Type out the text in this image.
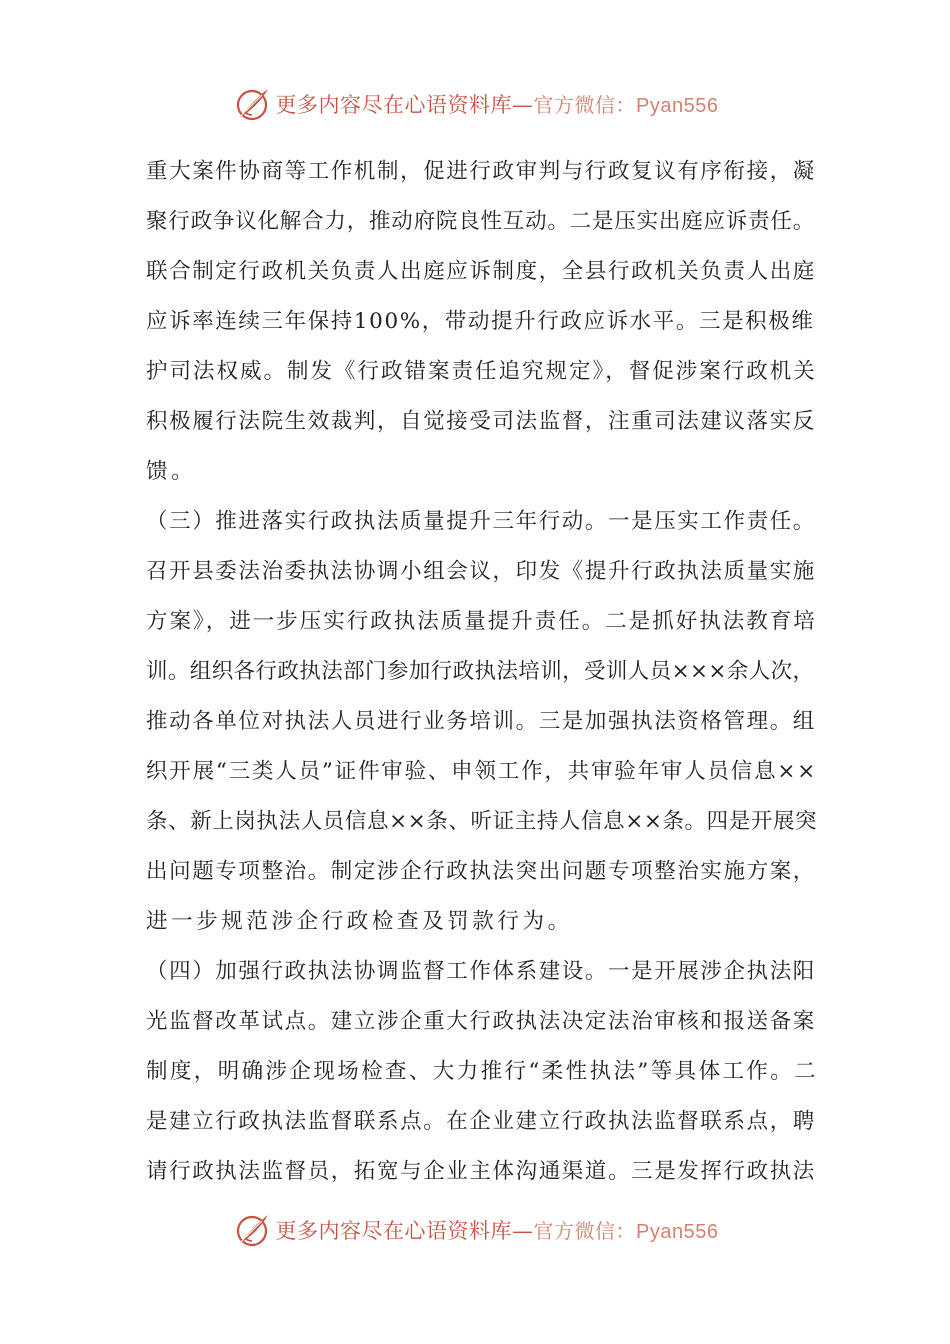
更多内容尽在心语资料库—官方微信：Pyan556
重大案件协商等工作机制，促进行政审判与行政复议有序衔接，凝
聚行政争议化解合力，推动府院良性互动。二是压实出庭应诉责任。
联合制定行政机关负责人出庭应诉制度，全县行政机关负责人出庭
应诉率连续三年保持100%，带动提升行政应诉水平。三是积极维
护司法权威。制发《行政错案责任追究规定》，督促涉案行政机关
积极履行法院生效裁判，自觉接受司法监督，注重司法建议落实反
馈。
（三）推进落实行政执法质量提升三年行动。一是压实工作责任。
召开县委法治委执法协调小组会议，印发《提升行政执法质量实施
方案》，进一步压实行政执法质量提升责任。二是抓好执法教育培
训。组织各行政执法部门参加行政执法培训，受训人员×××余人次，
推动各单位对执法人员进行业务培训。三是加强执法资格管理。组
织开展“三类人员”证件审验、申领工作，共审验年审人员信息××
条、新上岗执法人员信息××条、听证主持人信息××条。四是开展突
出问题专项整治。制定涉企行政执法突出问题专项整治实施方案，
进一步规范涉企行政检查及罚款行为。
（四）加强行政执法协调监督工作体系建设。一是开展涉企执法阳
光监督改革试点。建立涉企重大行政执法决定法治审核和报送备案
制度，明确涉企现场检查、大力推行“柔性执法”等具体工作。二
是建立行政执法监督联系点。在企业建立行政执法监督联系点，聘
请行政执法监督员，拓宽与企业主体沟通渠道。三是发挥行政执法
更多内容尽在心语资料库—官方微信：Pyan556
